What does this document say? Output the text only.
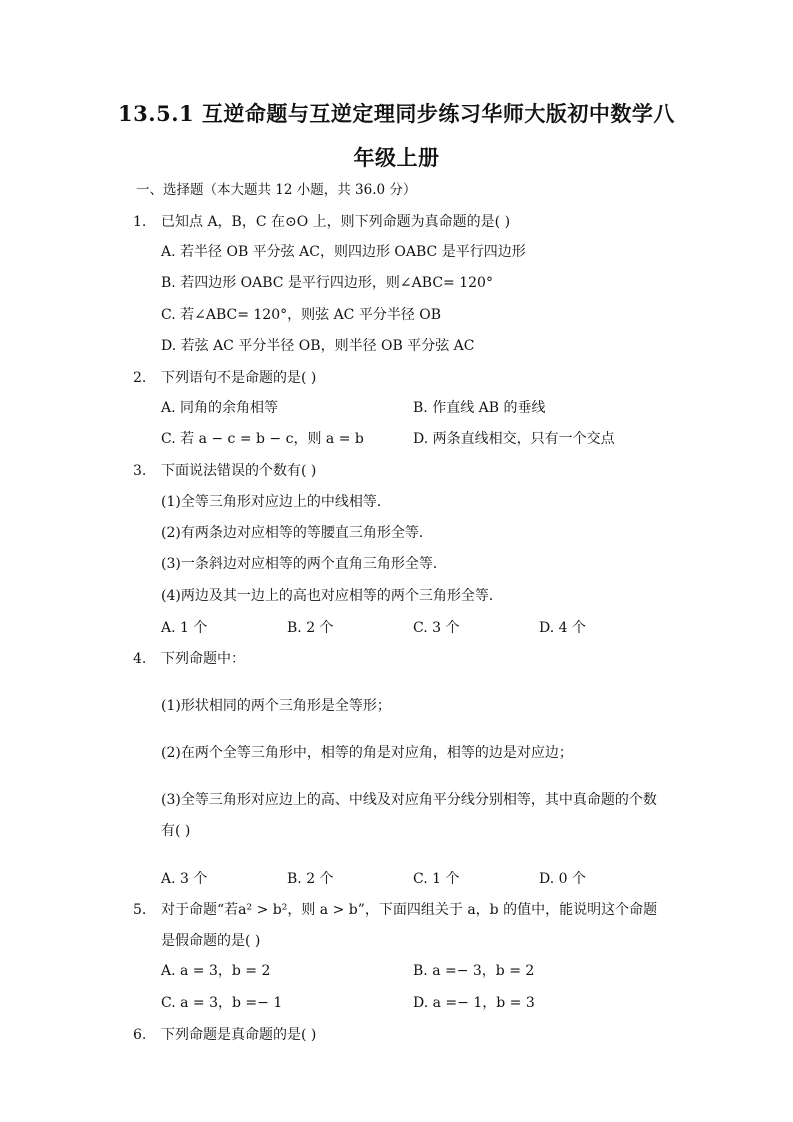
13.5.1 互逆命题与互逆定理同步练习华师大版初中数学八
年级上册
一、选择题（本大题共 12 小题，共 36.0 分）
1. 已知点 A，B，C 在⊙O 上，则下列命题为真命题的是( )
A. 若半径 OB 平分弦 AC，则四边形 OABC 是平行四边形
B. 若四边形 OABC 是平行四边形，则∠ABC= 120°
C. 若∠ABC= 120°，则弦 AC 平分半径 OB
D. 若弦 AC 平分半径 OB，则半径 OB 平分弦 AC
2. 下列语句不是命题的是( )
A. 同角的余角相等	B. 作直线 AB 的垂线
C. 若 a − c = b − c，则 a = b	D. 两条直线相交，只有一个交点
3. 下面说法错误的个数有( )
(1)全等三角形对应边上的中线相等．
(2)有两条边对应相等的等腰直三角形全等．
(3)一条斜边对应相等的两个直角三角形全等．
(4)两边及其一边上的高也对应相等的两个三角形全等．
A. 1 个	B. 2 个	C. 3 个	D. 4 个
4. 下列命题中：
(1)形状相同的两个三角形是全等形；
(2)在两个全等三角形中，相等的角是对应角，相等的边是对应边；
(3)全等三角形对应边上的高、中线及对应角平分线分别相等，其中真命题的个数
有( )
A. 3 个	B. 2 个	C. 1 个	D. 0 个
5. 对于命题“若a² > b²，则 a > b”，下面四组关于 a，b 的值中，能说明这个命题
是假命题的是( )
A. a = 3，b = 2	B. a =− 3，b = 2
C. a = 3，b =− 1	D. a =− 1，b = 3
6. 下列命题是真命题的是( )
